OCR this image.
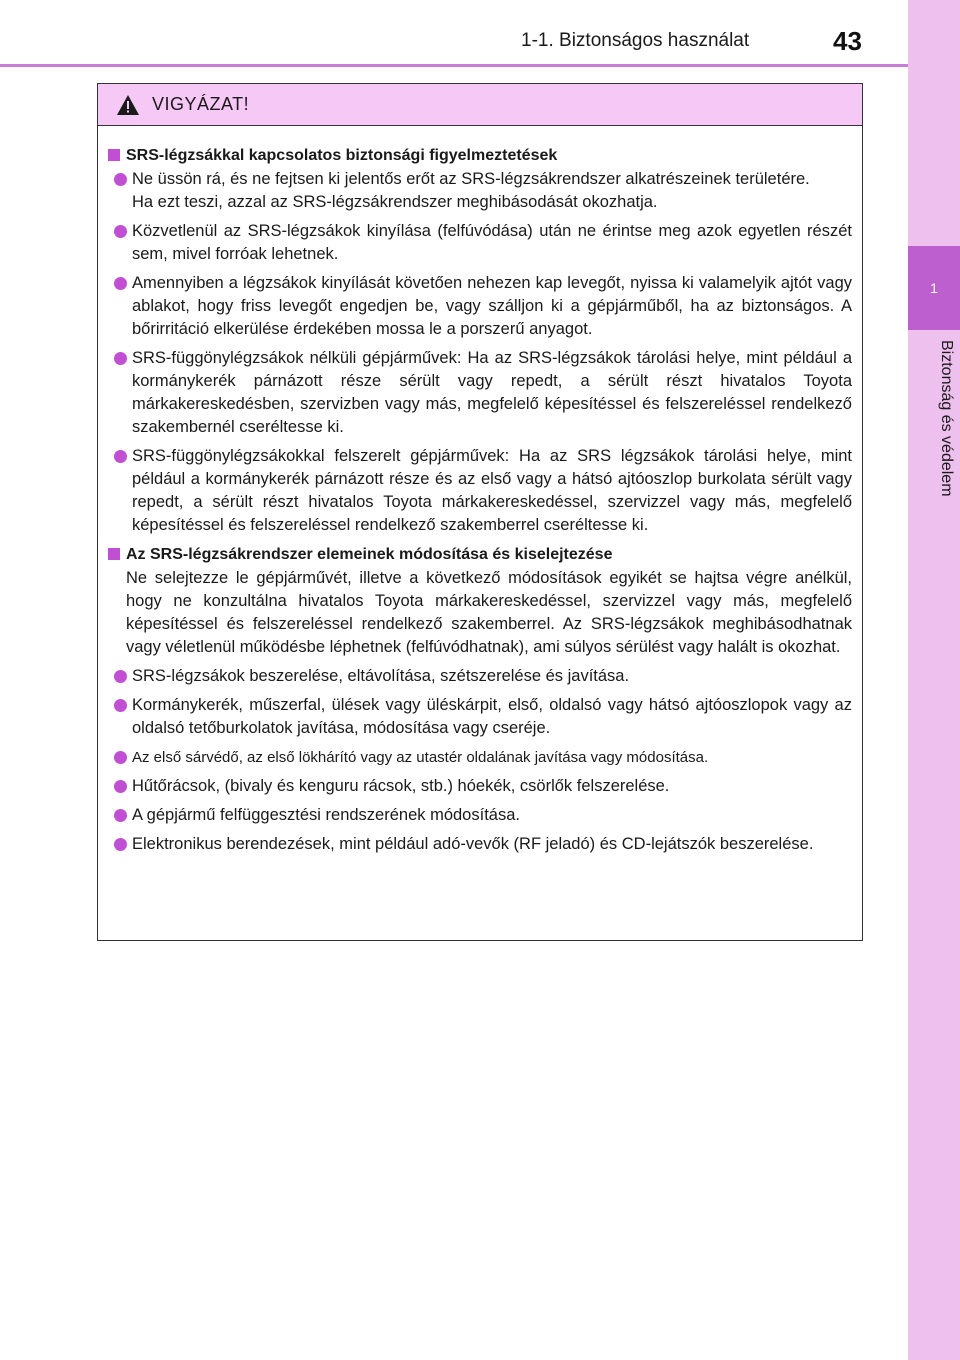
1-1. Biztonságos használat	43
1
Biztonság és védelem
VIGYÁZAT!
SRS-légzsákkal kapcsolatos biztonsági figyelmeztetések
Ne üssön rá, és ne fejtsen ki jelentős erőt az SRS-légzsákrendszer alkatrészeinek területére.
Ha ezt teszi, azzal az SRS-légzsákrendszer meghibásodását okozhatja.
Közvetlenül az SRS-légzsákok kinyílása (felfúvódása) után ne érintse meg azok egyetlen részét sem, mivel forróak lehetnek.
Amennyiben a légzsákok kinyílását követően nehezen kap levegőt, nyissa ki valamelyik ajtót vagy ablakot, hogy friss levegőt engedjen be, vagy szálljon ki a gépjárműből, ha az biztonságos. A bőrirritáció elkerülése érdekében mossa le a porszerű anyagot.
SRS-függönylégzsákok nélküli gépjárművek: Ha az SRS-légzsákok tárolási helye, mint például a kormánykerék párnázott része sérült vagy repedt, a sérült részt hivatalos Toyota márkakereskedésben, szervizben vagy más, megfelelő képesítéssel és felszereléssel rendelkező szakembernél cseréltesse ki.
SRS-függönylégzsákokkal felszerelt gépjárművek: Ha az SRS légzsákok tárolási helye, mint például a kormánykerék párnázott része és az első vagy a hátsó ajtóoszlop burkolata sérült vagy repedt, a sérült részt hivatalos Toyota márkakereskedéssel, szervizzel vagy más, megfelelő képesítéssel és felszereléssel rendelkező szakemberrel cseréltesse ki.
Az SRS-légzsákrendszer elemeinek módosítása és kiselejtezése

Ne selejtezze le gépjárművét, illetve a következő módosítások egyikét se hajtsa végre anélkül, hogy ne konzultálna hivatalos Toyota márkakereskedéssel, szervizzel vagy más, megfelelő képesítéssel és felszereléssel rendelkező szakemberrel. Az SRS-légzsákok meghibásodhatnak vagy véletlenül működésbe léphetnek (felfúvódhatnak), ami súlyos sérülést vagy halált is okozhat.

SRS-légzsákok beszerelése, eltávolítása, szétszerelése és javítása.
Kormánykerék, műszerfal, ülések vagy üléskárpit, első, oldalsó vagy hátsó ajtóoszlopok vagy az oldalsó tetőburkolatok javítása, módosítása vagy cseréje.
Az első sárvédő, az első lökhárító vagy az utastér oldalának javítása vagy módosítása.
Hűtőrácsok, (bivaly és kenguru rácsok, stb.) hóekék, csörlők felszerelése.
A gépjármű felfüggesztési rendszerének módosítása.
Elektronikus berendezések, mint például adó-vevők (RF jeladó) és CD-lejátszók beszerelése.
